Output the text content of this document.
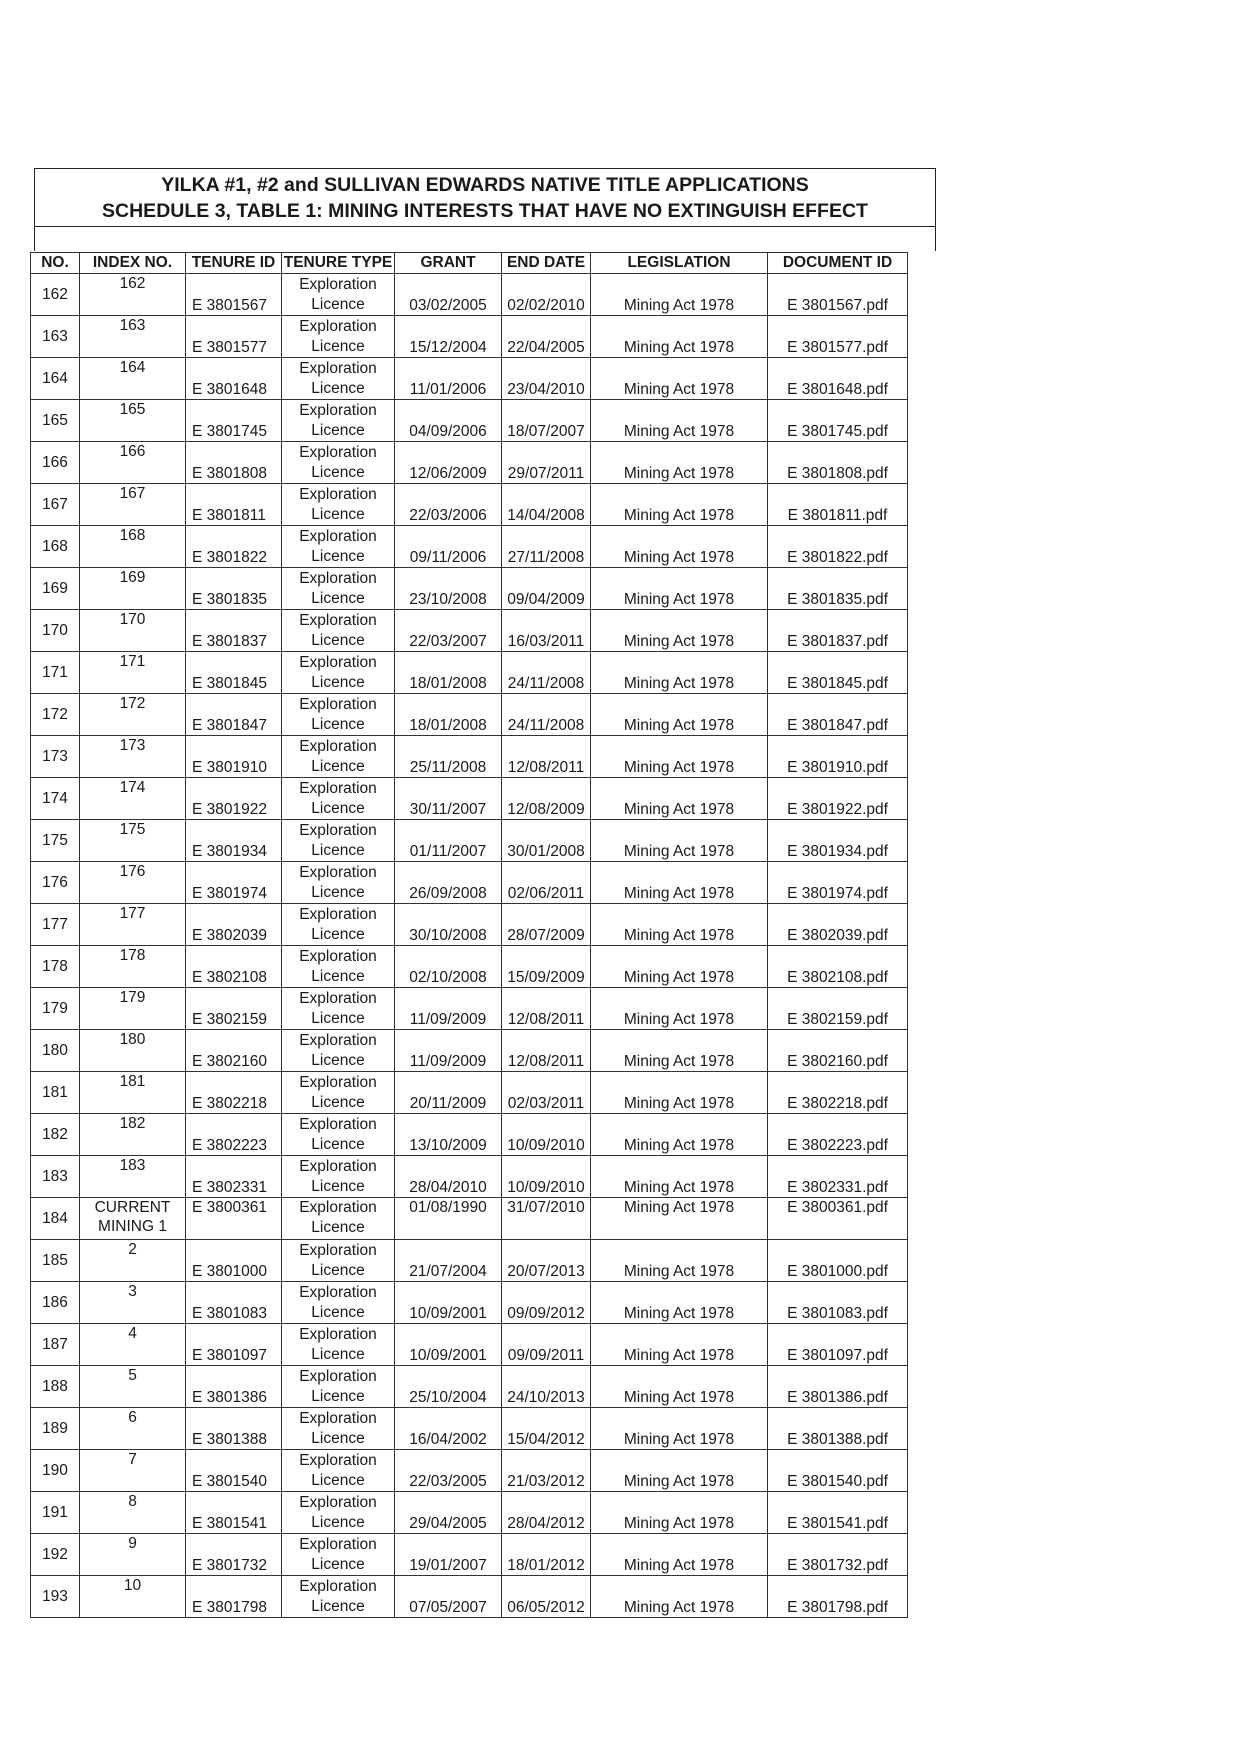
YILKA #1, #2 and SULLIVAN EDWARDS NATIVE TITLE APPLICATIONS
SCHEDULE 3, TABLE 1: MINING INTERESTS THAT HAVE NO EXTINGUISH EFFECT
NO.	INDEX NO.	TENURE ID	TENURE TYPE	GRANT	END DATE	LEGISLATION	DOCUMENT ID

162	162	E 3801567	Exploration
Licence	03/02/2005	02/02/2010	Mining Act 1978	E 3801567.pdf

163	163	E 3801577	Exploration
Licence	15/12/2004	22/04/2005	Mining Act 1978	E 3801577.pdf

164	164	E 3801648	Exploration
Licence	11/01/2006	23/04/2010	Mining Act 1978	E 3801648.pdf

165	165	E 3801745	Exploration
Licence	04/09/2006	18/07/2007	Mining Act 1978	E 3801745.pdf

166	166	E 3801808	Exploration
Licence	12/06/2009	29/07/2011	Mining Act 1978	E 3801808.pdf

167	167	E 3801811	Exploration
Licence	22/03/2006	14/04/2008	Mining Act 1978	E 3801811.pdf

168	168	E 3801822	Exploration
Licence	09/11/2006	27/11/2008	Mining Act 1978	E 3801822.pdf

169	169	E 3801835	Exploration
Licence	23/10/2008	09/04/2009	Mining Act 1978	E 3801835.pdf

170	170	E 3801837	Exploration
Licence	22/03/2007	16/03/2011	Mining Act 1978	E 3801837.pdf

171	171	E 3801845	Exploration
Licence	18/01/2008	24/11/2008	Mining Act 1978	E 3801845.pdf

172	172	E 3801847	Exploration
Licence	18/01/2008	24/11/2008	Mining Act 1978	E 3801847.pdf

173	173	E 3801910	Exploration
Licence	25/11/2008	12/08/2011	Mining Act 1978	E 3801910.pdf

174	174	E 3801922	Exploration
Licence	30/11/2007	12/08/2009	Mining Act 1978	E 3801922.pdf

175	175	E 3801934	Exploration
Licence	01/11/2007	30/01/2008	Mining Act 1978	E 3801934.pdf

176	176	E 3801974	Exploration
Licence	26/09/2008	02/06/2011	Mining Act 1978	E 3801974.pdf

177	177	E 3802039	Exploration
Licence	30/10/2008	28/07/2009	Mining Act 1978	E 3802039.pdf

178	178	E 3802108	Exploration
Licence	02/10/2008	15/09/2009	Mining Act 1978	E 3802108.pdf

179	179	E 3802159	Exploration
Licence	11/09/2009	12/08/2011	Mining Act 1978	E 3802159.pdf

180	180	E 3802160	Exploration
Licence	11/09/2009	12/08/2011	Mining Act 1978	E 3802160.pdf

181	181	E 3802218	Exploration
Licence	20/11/2009	02/03/2011	Mining Act 1978	E 3802218.pdf

182	182	E 3802223	Exploration
Licence	13/10/2009	10/09/2010	Mining Act 1978	E 3802223.pdf

183	183	E 3802331	Exploration
Licence	28/04/2010	10/09/2010	Mining Act 1978	E 3802331.pdf

184	CURRENT
MINING 1	E 3800361	Exploration
Licence	01/08/1990	31/07/2010	Mining Act 1978	E 3800361.pdf

185	2	E 3801000	Exploration
Licence	21/07/2004	20/07/2013	Mining Act 1978	E 3801000.pdf

186	3	E 3801083	Exploration
Licence	10/09/2001	09/09/2012	Mining Act 1978	E 3801083.pdf

187	4	E 3801097	Exploration
Licence	10/09/2001	09/09/2011	Mining Act 1978	E 3801097.pdf

188	5	E 3801386	Exploration
Licence	25/10/2004	24/10/2013	Mining Act 1978	E 3801386.pdf

189	6	E 3801388	Exploration
Licence	16/04/2002	15/04/2012	Mining Act 1978	E 3801388.pdf

190	7	E 3801540	Exploration
Licence	22/03/2005	21/03/2012	Mining Act 1978	E 3801540.pdf

191	8	E 3801541	Exploration
Licence	29/04/2005	28/04/2012	Mining Act 1978	E 3801541.pdf

192	9	E 3801732	Exploration
Licence	19/01/2007	18/01/2012	Mining Act 1978	E 3801732.pdf

193	10	E 3801798	Exploration
Licence	07/05/2007	06/05/2012	Mining Act 1978	E 3801798.pdf
